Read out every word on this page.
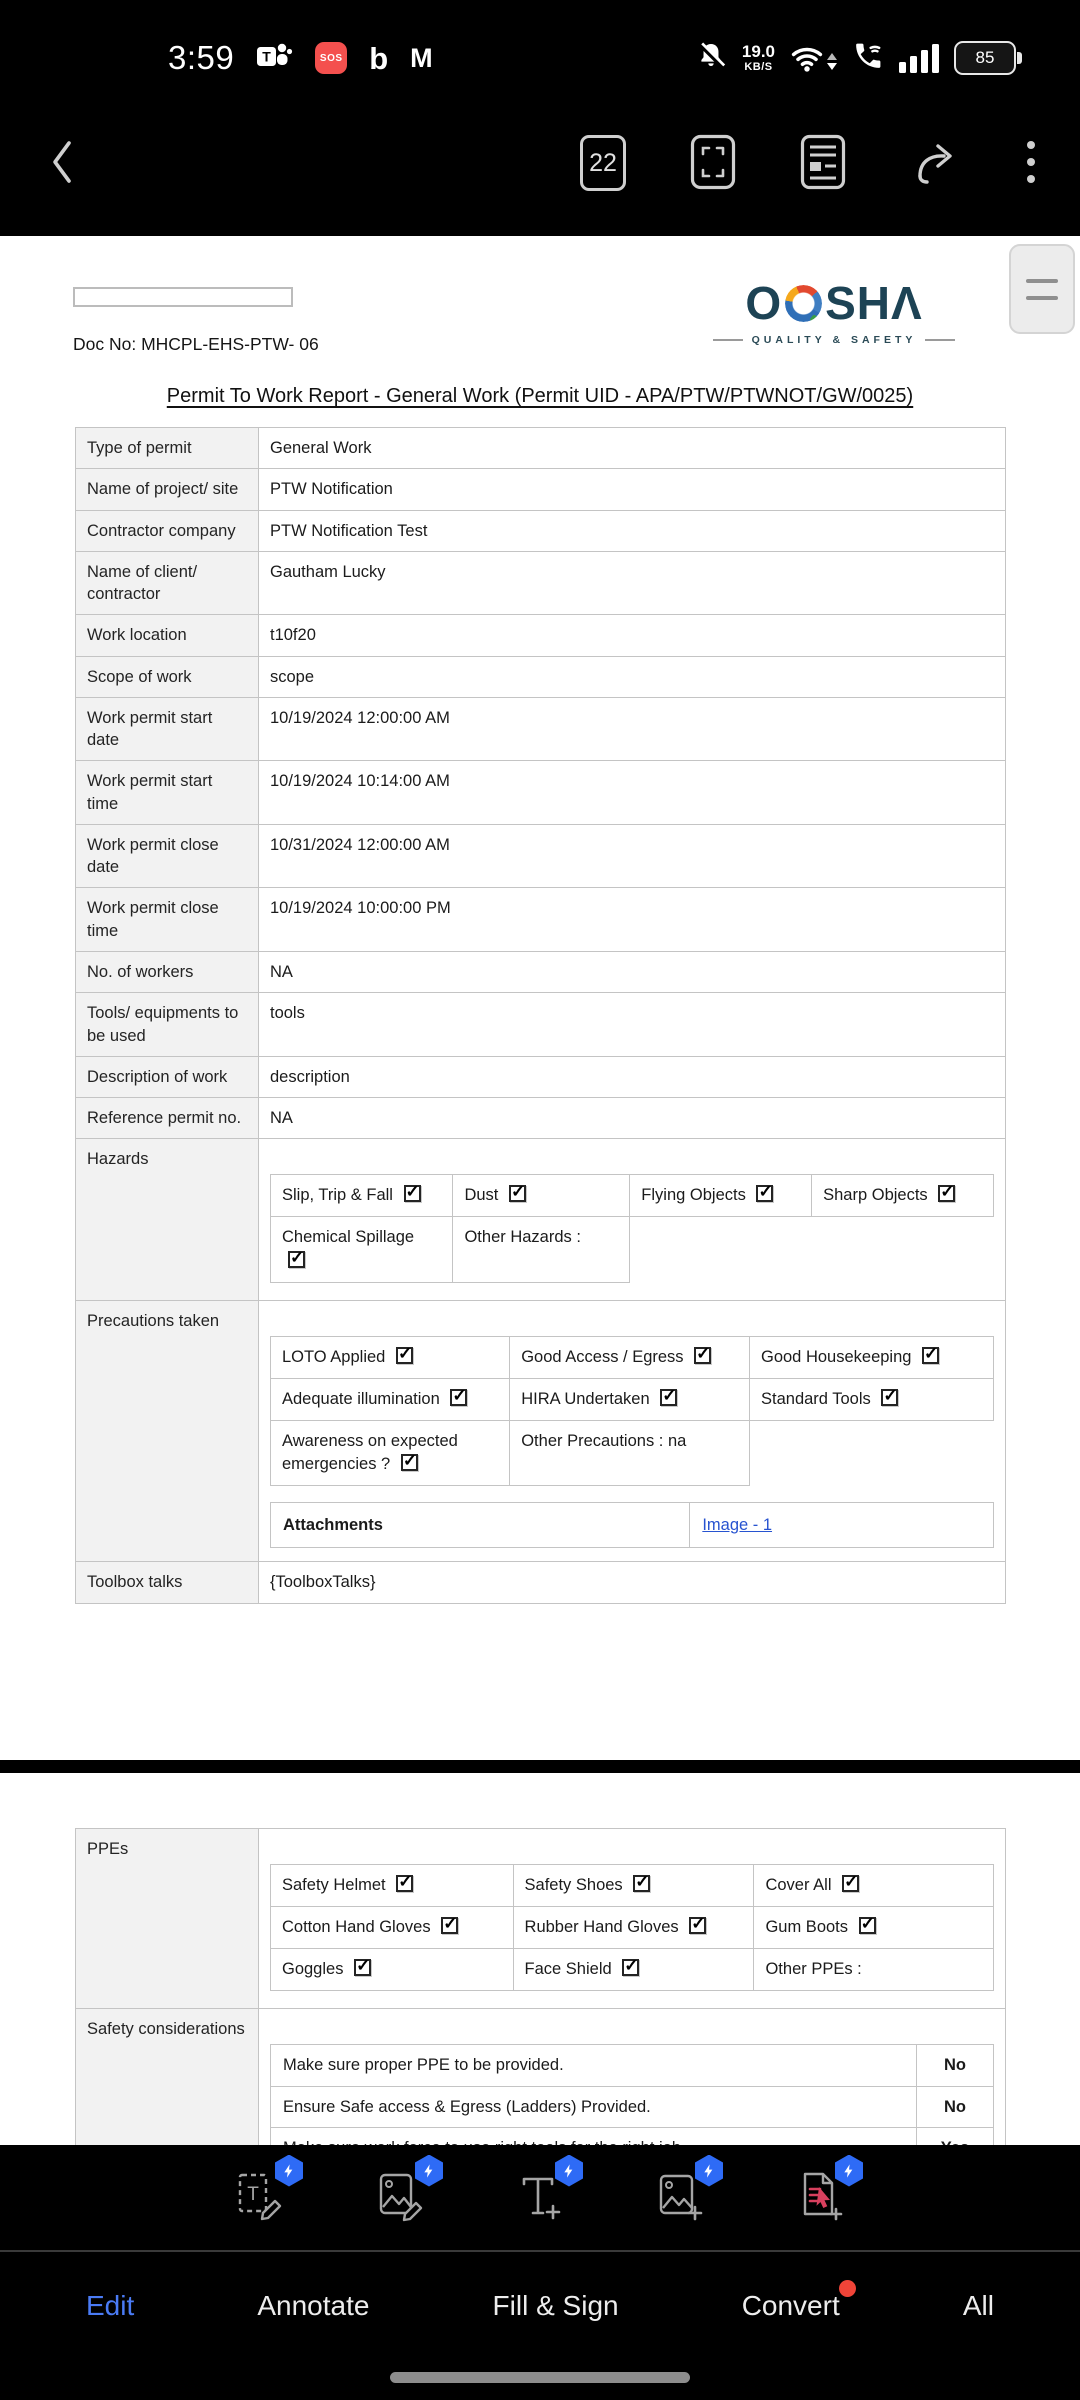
3:59 T	SOS b M	19.0
KB/S	85
22
Doc No: MHCPL-EHS-PTW- 06
O SH Λ
QUALITY & SAFETY
Permit To Work Report - General Work (Permit UID - APA/PTW/PTWNOT/GW/0025)
Type of permit	General Work
Name of project/ site	PTW Notification
Contractor company	PTW Notification Test
Name of client/ contractor	Gautham Lucky
Work location	t10f20
Scope of work	scope
Work permit start date	10/19/2024 12:00:00 AM
Work permit start time	10/19/2024 10:14:00 AM
Work permit close date	10/31/2024 12:00:00 AM
Work permit close time	10/19/2024 10:00:00 PM
No. of workers	NA
Tools/ equipments to be used	tools
Description of work	description
Reference permit no.	NA
Hazards	
Slip, Trip & Fall ✓	Dust ✓	Flying Objects ✓	Sharp Objects ✓
Chemical Spillage ✓	Other Hazards :	

Precautions taken	
LOTO Applied ✓	Good Access / Egress ✓	Good Housekeeping ✓
Adequate illumination ✓	HIRA Undertaken ✓	Standard Tools ✓
Awareness on expected emergencies ? ✓	Other Precautions : na	
Attachments	Image - 1

Toolbox talks	{ToolboxTalks}
PPEs	
Safety Helmet ✓	Safety Shoes ✓	Cover All ✓
Cotton Hand Gloves ✓	Rubber Hand Gloves ✓	Gum Boots ✓
Goggles ✓	Face Shield ✓	Other PPEs :

Safety considerations	
Make sure proper PPE to be provided.	No
Ensure Safe access & Egress (Ladders) Provided.	No

T
Edit	Annotate	Fill & Sign	Convert	All
